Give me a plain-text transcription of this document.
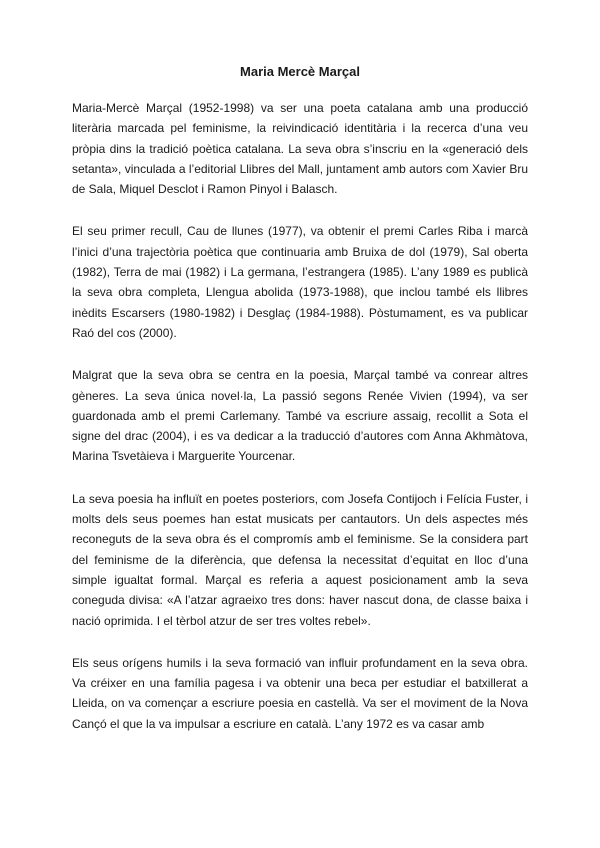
Maria Mercè Marçal

Maria-Mercè Marçal (1952-1998) va ser una poeta catalana amb una producció literària marcada pel feminisme, la reivindicació identitària i la recerca d’una veu pròpia dins la tradició poètica catalana. La seva obra s’inscriu en la «generació dels setanta», vinculada a l’editorial Llibres del Mall, juntament amb autors com Xavier Bru de Sala, Miquel Desclot i Ramon Pinyol i Balasch.

El seu primer recull, Cau de llunes (1977), va obtenir el premi Carles Riba i marcà l’inici d’una trajectòria poètica que continuaria amb Bruixa de dol (1979), Sal oberta (1982), Terra de mai (1982) i La germana, l’estrangera (1985). L’any 1989 es publicà la seva obra completa, Llengua abolida (1973-1988), que inclou també els llibres inèdits Escarsers (1980-1982) i Desglaç (1984-1988). Pòstumament, es va publicar Raó del cos (2000).

Malgrat que la seva obra se centra en la poesia, Marçal també va conrear altres gèneres. La seva única novel·la, La passió segons Renée Vivien (1994), va ser guardonada amb el premi Carlemany. També va escriure assaig, recollit a Sota el signe del drac (2004), i es va dedicar a la traducció d’autores com Anna Akhmàtova, Marina Tsvetàieva i Marguerite Yourcenar.

La seva poesia ha influït en poetes posteriors, com Josefa Contijoch i Felícia Fuster, i molts dels seus poemes han estat musicats per cantautors. Un dels aspectes més reconeguts de la seva obra és el compromís amb el feminisme. Se la considera part del feminisme de la diferència, que defensa la necessitat d’equitat en lloc d’una simple igualtat formal. Marçal es referia a aquest posicionament amb la seva coneguda divisa: «A l’atzar agraeixo tres dons: haver nascut dona, de classe baixa i nació oprimida. I el tèrbol atzur de ser tres voltes rebel».

Els seus orígens humils i la seva formació van influir profundament en la seva obra. Va créixer en una família pagesa i va obtenir una beca per estudiar el batxillerat a Lleida, on va començar a escriure poesia en castellà. Va ser el moviment de la Nova Cançó el que la va impulsar a escriure en català. L’any 1972 es va casar amb
